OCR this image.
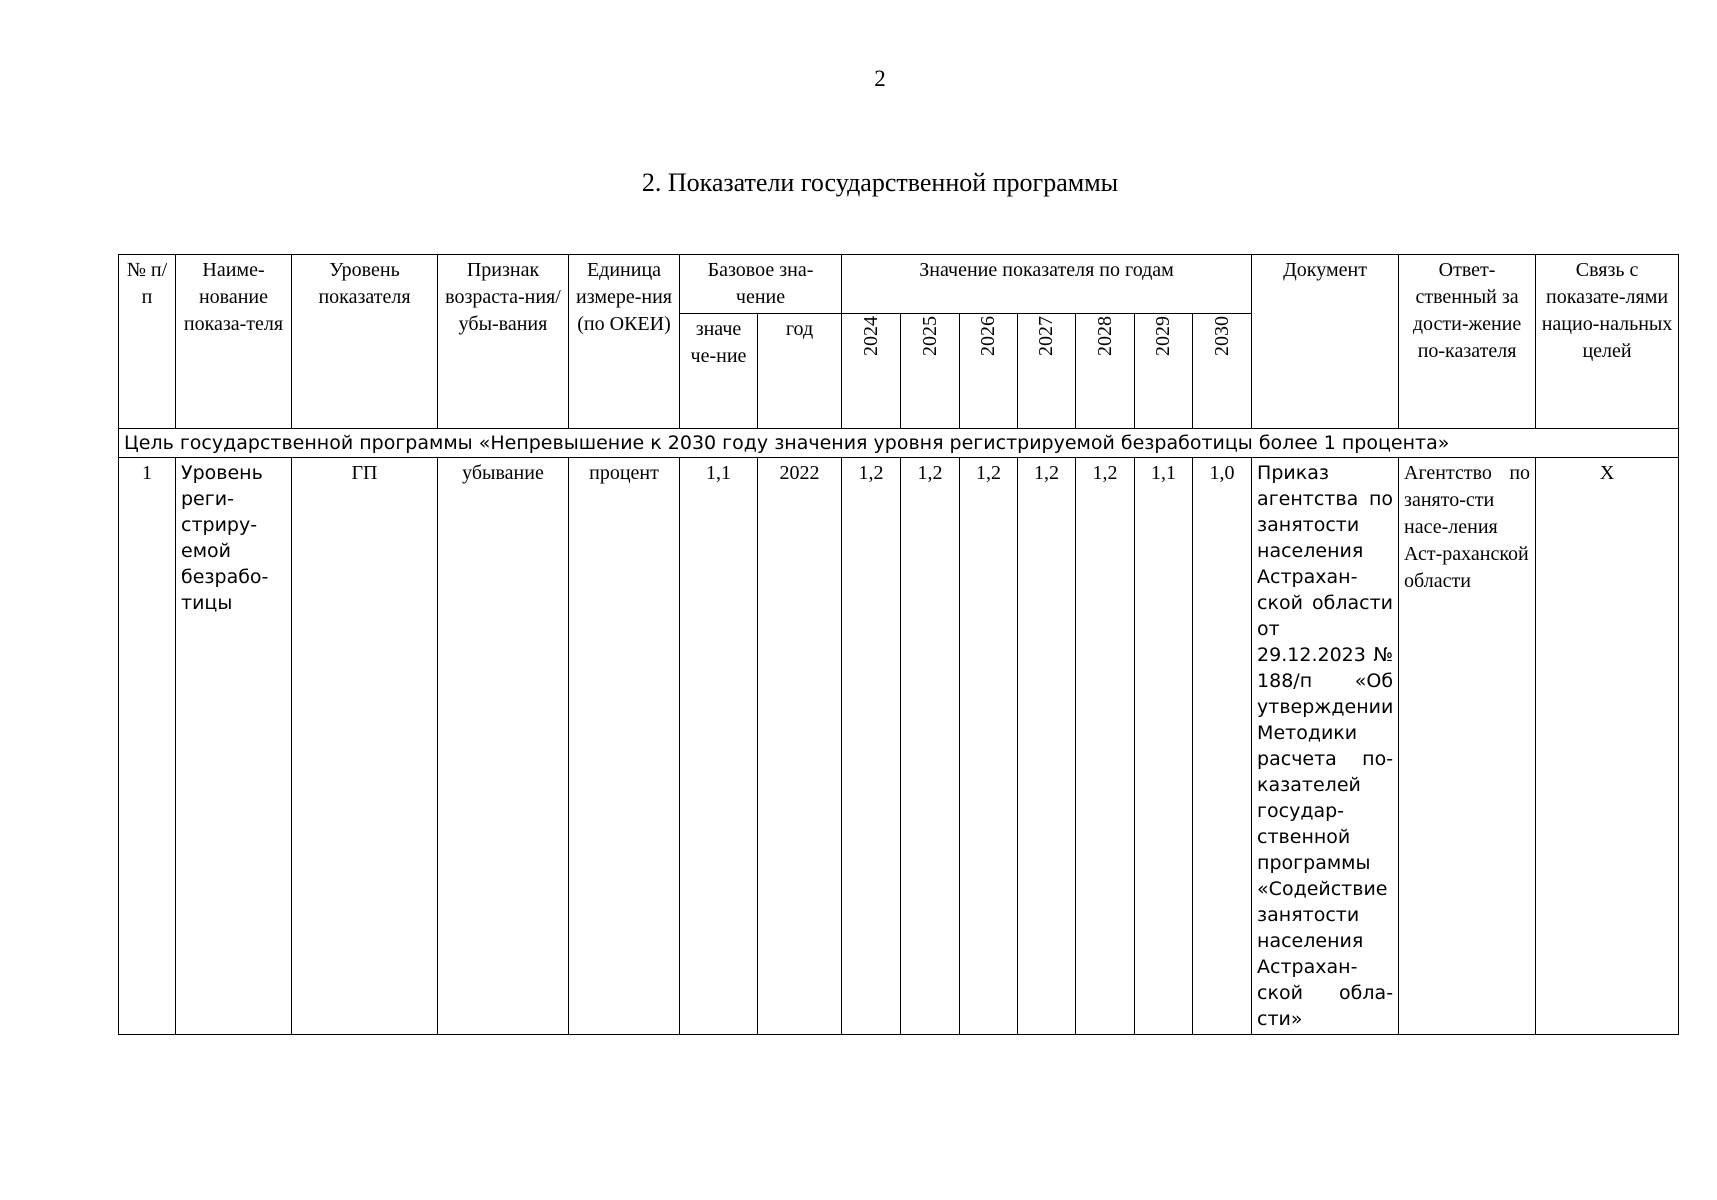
2
2. Показатели государственной программы
№ п/п	Наиме-нование показа-теля	Уровень показателя	Признак возраста-ния/убы-вания	Единица измере-ния (по ОКЕИ)	Базовое зна-чение		Значение показателя по годам							Документ	Ответ-ственный за дости-жение по-казателя	Связь с показате-лями нацио-нальных целей
					значе че-ние	год	2024	2025	2026	2027	2028	2029	2030			
Цель государственной программы «Непревышение к 2030 году значения уровня регистрируемой безработицы более 1 процента»																
1	Уровень реги-стриру-емой безрабо-тицы	ГП	убывание	процент	1,1	2022	1,2	1,2	1,2	1,2	1,2	1,1	1,0	Приказ агентства по занятости населения Астрахан-ской области от 29.12.2023 № 188/п «Об утверждении Методики расчета по-казателей государ-ственной программы «Содействие занятости населения Астрахан-ской обла-сти»	Агентство по занято-сти насе-ления Аст-раханской области	Х
